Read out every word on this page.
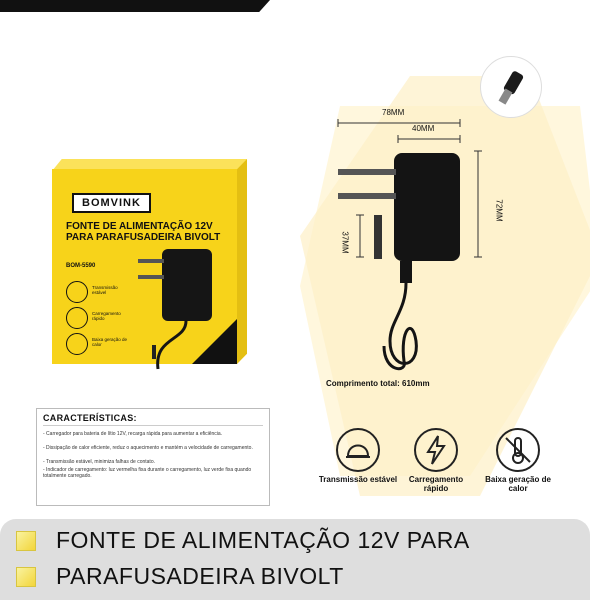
BOMVINK
FONTE DE ALIMENTAÇÃO 12V PARA PARAFUSADEIRA BIVOLT
BOM-5590
Transmissão estável
Carregamento rápido
Baixa geração de calor
78MM
40MM
72MM
37MM
Comprimento total: 610mm
CARACTERÍSTICAS:
- Carregador para bateria de lítio 12V, recarga rápida para aumentar a eficiência.
- Dissipação de calor eficiente, reduz o aquecimento e mantém a velocidade de carregamento.
- Transmissão estável, minimiza falhas de contato.
- Indicador de carregamento: luz vermelha fixa durante o carregamento, luz verde fixa quando totalmente carregado.	Transmissão estável	Carregamento rápido
Baixa geração de calor
FONTE DE ALIMENTAÇÃO 12V PARA
PARAFUSADEIRA BIVOLT
